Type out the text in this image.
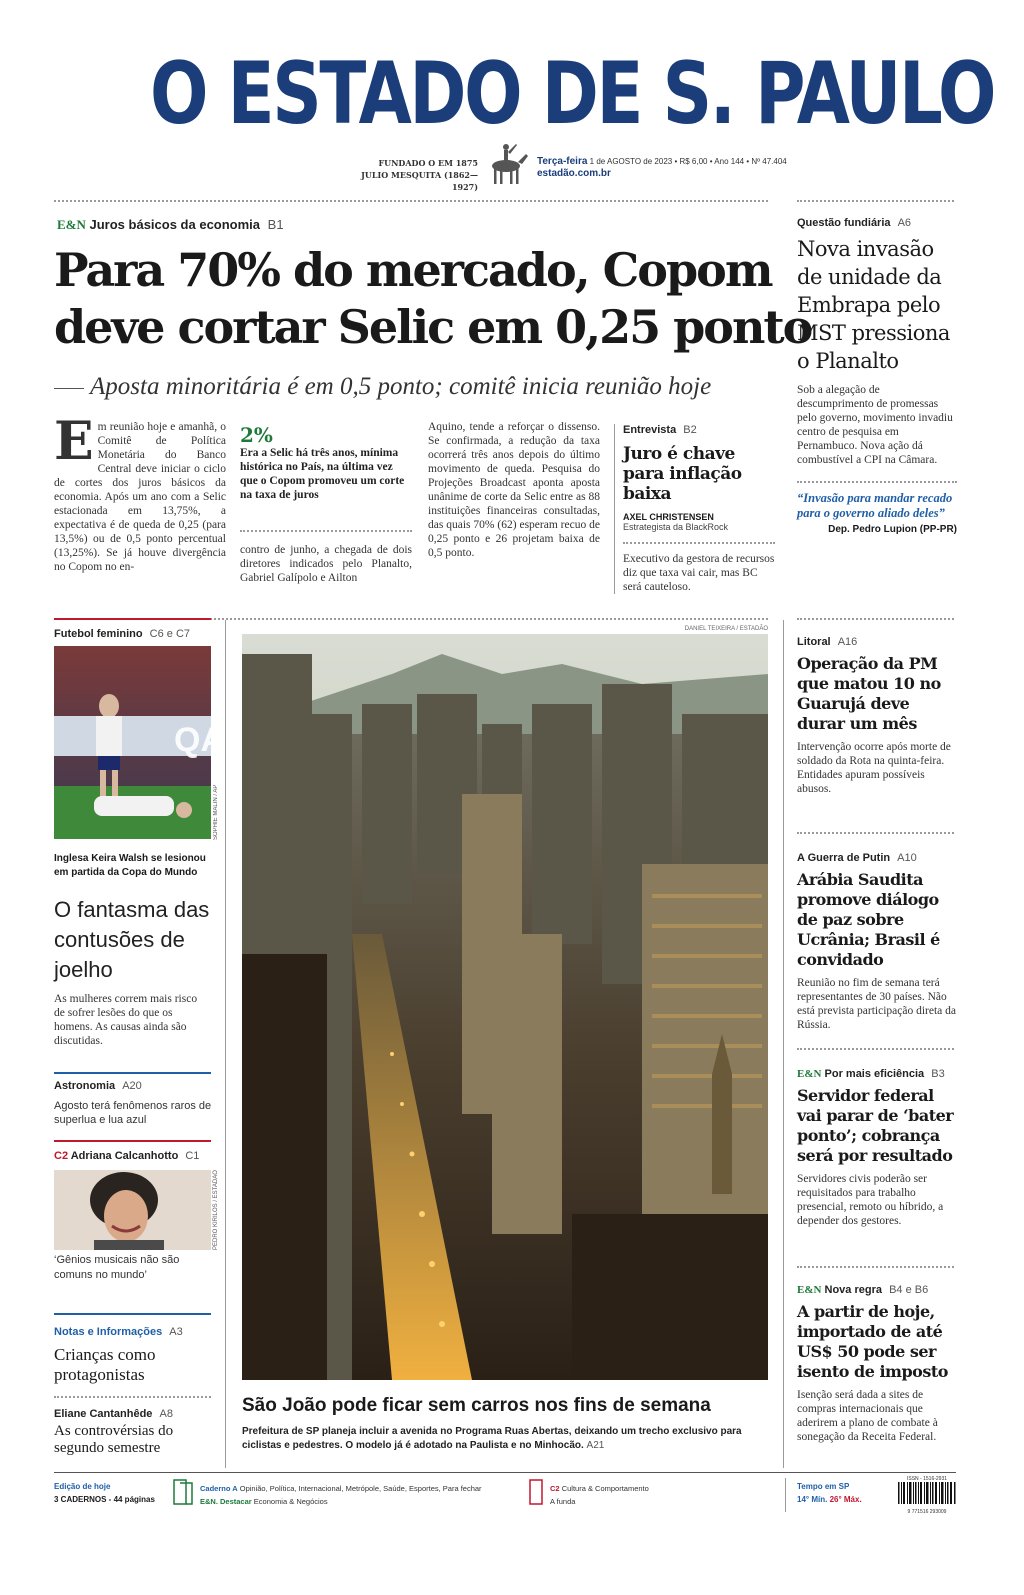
O ESTADO DE S. PAULO
FUNDADO O EM 1875
JULIO MESQUITA (1862—1927)
Terça-feira 1 de AGOSTO de 2023 • R$ 6,00 • Ano 144 • Nº 47.404
estadão.com.br
E&N Juros básicos da economia B1
Para 70% do mercado, Copom
deve cortar Selic em 0,25 ponto
Aposta minoritária é em 0,5 ponto; comitê inicia reunião hoje
Em reunião hoje e amanhã, o Comitê de Política Monetária do Banco Central deve iniciar o ciclo de cortes dos juros básicos da economia. Após um ano com a Selic estacionada em 13,75%, a expectativa é de queda de 0,25 (para 13,5%) ou de 0,5 ponto percentual (13,25%). Se já houve divergência no Copom no en-
2%
Era a Selic há três anos, mínima histórica no País, na última vez que o Copom promoveu um corte na taxa de juros
contro de junho, a chegada de dois diretores indicados pelo Planalto, Gabriel Galípolo e Ailton
Aquino, tende a reforçar o dissenso. Se confirmada, a redução da taxa ocorrerá três anos depois do último movimento de queda. Pesquisa do Projeções Broadcast aponta aposta unânime de corte da Selic entre as 88 instituições financeiras consultadas, das quais 70% (62) esperam recuo de 0,25 ponto e 26 projetam baixa de 0,5 ponto.
Entrevista B2
Juro é chave para inflação baixa
AXEL CHRISTENSEN
Estrategista da BlackRock
Executivo da gestora de recursos diz que taxa vai cair, mas BC será cauteloso.
Questão fundiária A6
Nova invasão de unidade da Embrapa pelo MST pressiona o Planalto
Sob a alegação de descumprimento de promessas pelo governo, movimento invadiu centro de pesquisa em Pernambuco. Nova ação dá combustível a CPI na Câmara.
“Invasão para mandar recado para o governo aliado deles”
Dep. Pedro Lupion (PP-PR)
Futebol feminino C6 e C7
QA
SOPHIE MALIN / AP
Inglesa Keira Walsh se lesionou em partida da Copa do Mundo
O fantasma das contusões de joelho
As mulheres correm mais risco de sofrer lesões do que os homens. As causas ainda são discutidas.
Astronomia A20
Agosto terá fenômenos raros de superlua e lua azul
C2 Adriana Calcanhotto C1
PEDRO KIRILOS / ESTADÃO
‘Gênios musicais não são comuns no mundo’
Notas e Informações A3
Crianças como protagonistas
Eliane Cantanhêde A8
As controvérsias do segundo semestre
DANIEL TEIXEIRA / ESTADÃO
São João pode ficar sem carros nos fins de semana
Prefeitura de SP planeja incluir a avenida no Programa Ruas Abertas, deixando um trecho exclusivo para ciclistas e pedestres. O modelo já é adotado na Paulista e no Minhocão. A21
Litoral A16
Operação da PM que matou 10 no Guarujá deve durar um mês
Intervenção ocorre após morte de soldado da Rota na quinta-feira. Entidades apuram possíveis abusos.
A Guerra de Putin A10
Arábia Saudita promove diálogo de paz sobre Ucrânia; Brasil é convidado
Reunião no fim de semana terá representantes de 30 países. Não está prevista participação direta da Rússia.
E&N Por mais eficiência B3
Servidor federal vai parar de ‘bater ponto’; cobrança será por resultado
Servidores civis poderão ser requisitados para trabalho presencial, remoto ou híbrido, a depender dos gestores.
E&N Nova regra B4 e B6
A partir de hoje, importado de até US$ 50 pode ser isento de imposto
Isenção será dada a sites de compras internacionais que aderirem a plano de combate à sonegação da Receita Federal.
Edição de hoje
3 CADERNOS - 44 páginas
Caderno A Opinião, Política, Internacional, Metrópole, Saúde, Esportes, Para fechar
E&N. Destacar Economia & Negócios
C2 Cultura & Comportamento
A funda
Tempo em SP
14° Mín. 26° Máx.
ISSN - 1516-2931
9 771516 293009
